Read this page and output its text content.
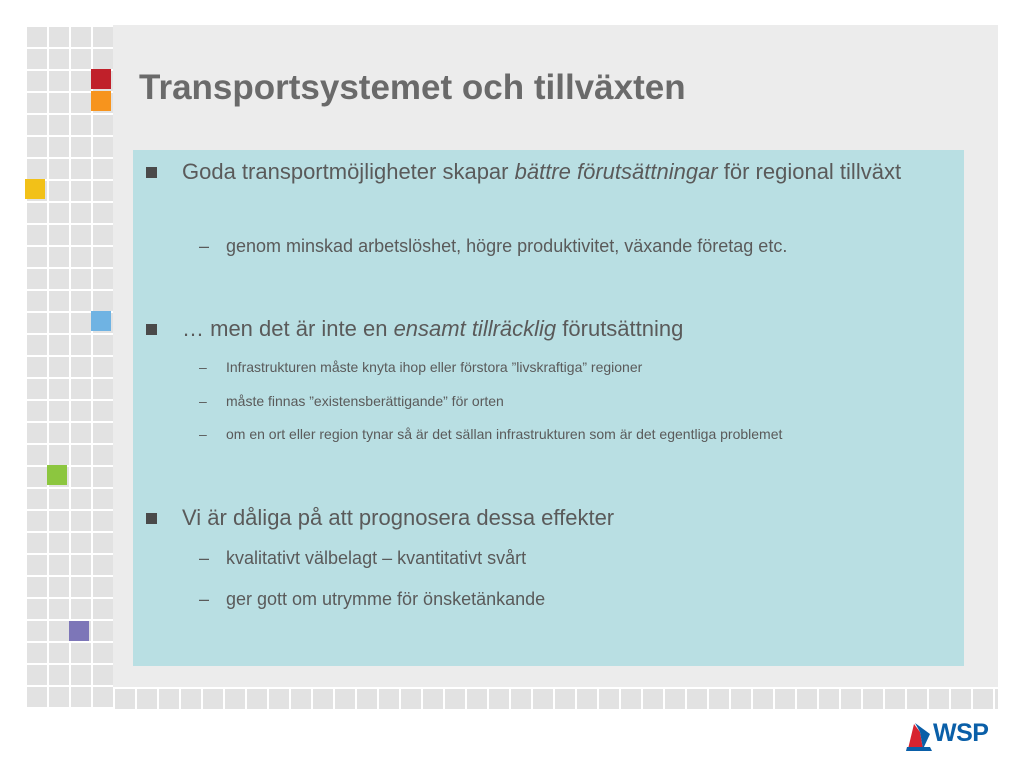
Transportsystemet och tillväxten
Goda transportmöjligheter skapar bättre förutsättningar för regional tillväxt
– genom minskad arbetslöshet, högre produktivitet, växande företag etc.
… men det är inte en ensamt tillräcklig förutsättning
– Infrastrukturen måste knyta ihop eller förstora ”livskraftiga” regioner
– måste finnas ”existensberättigande” för orten
– om en ort eller region tynar så är det sällan infrastrukturen som är det egentliga problemet
Vi är dåliga på att prognosera dessa effekter
– kvalitativt välbelagt – kvantitativt svårt
– ger gott om utrymme för önsketänkande
WSP
